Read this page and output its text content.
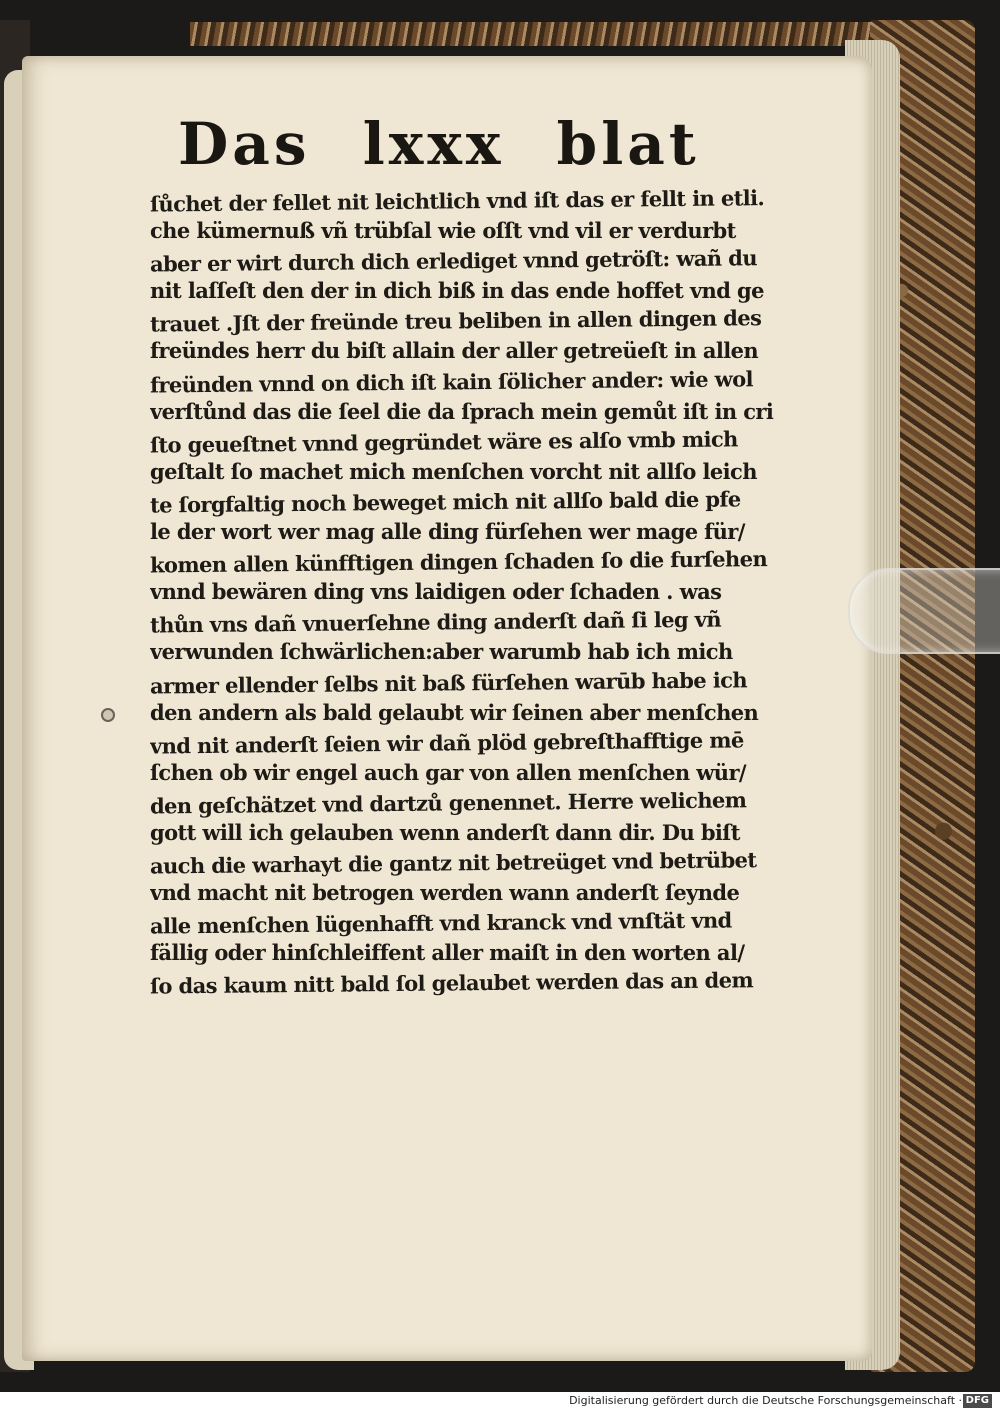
Das lxxx blat
ſůchet der fellet nit leichtlich vnd iſt das er fellt in etli.
che kümernuß vñ trübſal wie oſſt vnd vil er verdurbt
aber er wirt durch dich erlediget vnnd getröſt: wañ du
nit laſſeſt den der in dich biß in das ende hoffet vnd ge
trauet .Jſt der freünde treu beliben in allen dingen des
freündes herr du biſt allain der aller getreüeſt in allen
freünden vnnd on dich iſt kain ſölicher ander: wie wol
verſtůnd das die ſeel die da ſprach mein gemůt iſt in cri
ſto geueſtnet vnnd gegründet wäre es alſo vmb mich
geſtalt ſo machet mich menſchen vorcht nit allſo leich
te ſorgfaltig noch beweget mich nit allſo bald die pfe
le der wort wer mag alle ding fürſehen wer mage für/
komen allen künfftigen dingen ſchaden ſo die furſehen
vnnd bewären ding vns laidigen oder ſchaden . was
thůn vns dañ vnuerſehne ding anderſt dañ ſi leg vñ
verwunden ſchwärlichen:aber warumb hab ich mich
armer ellender ſelbs nit baß fürſehen warūb habe ich
den andern als bald gelaubt wir ſeinen aber menſchen
vnd nit anderſt ſeien wir dañ plöd gebreſthafftige mē
ſchen ob wir engel auch gar von allen menſchen wür/
den geſchätzet vnd dartzů genennet. Herre welichem
gott will ich gelauben wenn anderſt dann dir. Du biſt
auch die warhayt die gantz nit betreüget vnd betrübet
vnd macht nit betrogen werden wann anderſt ſeynde
alle menſchen lügenhafft vnd kranck vnd vnſtät vnd
fällig oder hinſchleiffent aller maiſt in den worten al/
ſo das kaum nitt bald ſol gelaubet werden das an dem
Digitalisierung gefördert durch die Deutsche Forschungsgemeinschaft · DFG
